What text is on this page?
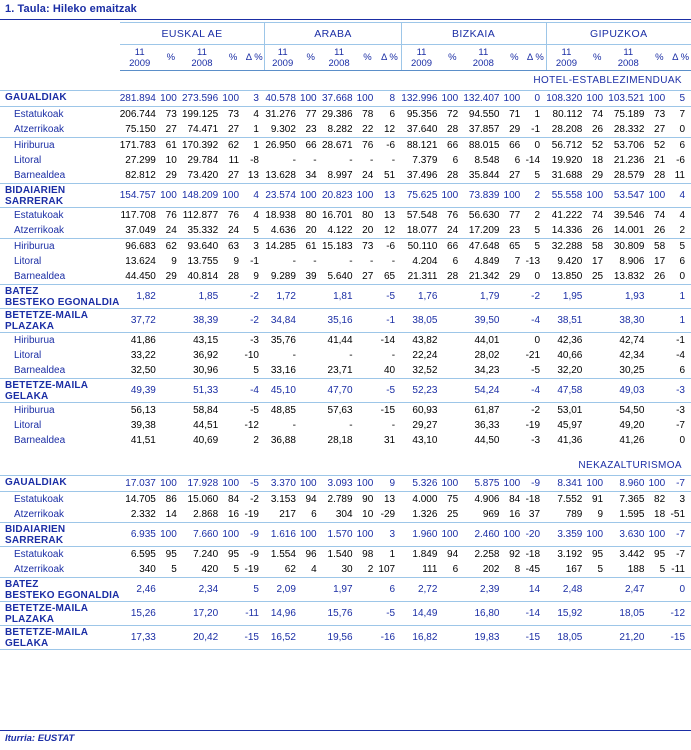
1. Taula: Hileko emaitzak
	EUSKAL AE					ARABA					BIZKAIA					GIPUZKOA				
	11
2009	%	11
2008	%	Δ %	11
2009	%	11
2008	%	Δ %	11
2009	%	11
2008	%	Δ %	11
2009	%	11
2008	%	Δ %
HOTEL-ESTABLEZIMENDUAK																				
GAUALDIAK	281.894	100	273.596	100	3	40.578	100	37.668	100	8	132.996	100	132.407	100	0	108.320	100	103.521	100	5
Estatukoak	206.744	73	199.125	73	4	31.276	77	29.386	78	6	95.356	72	94.550	71	1	80.112	74	75.189	73	7
Atzerrikoak	75.150	27	74.471	27	1	9.302	23	8.282	22	12	37.640	28	37.857	29	-1	28.208	26	28.332	27	0
Hiriburua	171.783	61	170.392	62	1	26.950	66	28.671	76	-6	88.121	66	88.015	66	0	56.712	52	53.706	52	6
Litoral	27.299	10	29.784	11	-8	-	-	-	-	-	7.379	6	8.548	6	-14	19.920	18	21.236	21	-6
Barnealdea	82.812	29	73.420	27	13	13.628	34	8.997	24	51	37.496	28	35.844	27	5	31.688	29	28.579	28	11
BIDAIARIEN
SARRERAK	154.757	100	148.209	100	4	23.574	100	20.823	100	13	75.625	100	73.839	100	2	55.558	100	53.547	100	4
Estatukoak	117.708	76	112.877	76	4	18.938	80	16.701	80	13	57.548	76	56.630	77	2	41.222	74	39.546	74	4
Atzerrikoak	37.049	24	35.332	24	5	4.636	20	4.122	20	12	18.077	24	17.209	23	5	14.336	26	14.001	26	2
Hiriburua	96.683	62	93.640	63	3	14.285	61	15.183	73	-6	50.110	66	47.648	65	5	32.288	58	30.809	58	5
Litoral	13.624	9	13.755	9	-1	-	-	-	-	-	4.204	6	4.849	7	-13	9.420	17	8.906	17	6
Barnealdea	44.450	29	40.814	28	9	9.289	39	5.640	27	65	21.311	28	21.342	29	0	13.850	25	13.832	26	0
BATEZ
BESTEKO EGONALDIA	1,82		1,85		-2	1,72		1,81		-5	1,76		1,79		-2	1,95		1,93		1
BETETZE-MAILA
PLAZAKA	37,72		38,39		-2	34,84		35,16		-1	38,05		39,50		-4	38,51		38,30		1
Hiriburua	41,86		43,15		-3	35,76		41,44		-14	43,82		44,01		0	42,36		42,74		-1
Litoral	33,22		36,92		-10	-		-		-	22,24		28,02		-21	40,66		42,34		-4
Barnealdea	32,50		30,96		5	33,16		23,71		40	32,52		34,23		-5	32,20		30,25		6
BETETZE-MAILA
GELAKA	49,39		51,33		-4	45,10		47,70		-5	52,23		54,24		-4	47,58		49,03		-3
Hiriburua	56,13		58,84		-5	48,85		57,63		-15	60,93		61,87		-2	53,01		54,50		-3
Litoral	39,38		44,51		-12	-		-		-	29,27		36,33		-19	45,97		49,20		-7
Barnealdea	41,51		40,69		2	36,88		28,18		31	43,10		44,50		-3	41,36		41,26		0

NEKAZALTURISMOA																				
GAUALDIAK	17.037	100	17.928	100	-5	3.370	100	3.093	100	9	5.326	100	5.875	100	-9	8.341	100	8.960	100	-7
Estatukoak	14.705	86	15.060	84	-2	3.153	94	2.789	90	13	4.000	75	4.906	84	-18	7.552	91	7.365	82	3
Atzerrikoak	2.332	14	2.868	16	-19	217	6	304	10	-29	1.326	25	969	16	37	789	9	1.595	18	-51
BIDAIARIEN
SARRERAK	6.935	100	7.660	100	-9	1.616	100	1.570	100	3	1.960	100	2.460	100	-20	3.359	100	3.630	100	-7
Estatukoak	6.595	95	7.240	95	-9	1.554	96	1.540	98	1	1.849	94	2.258	92	-18	3.192	95	3.442	95	-7
Atzerrikoak	340	5	420	5	-19	62	4	30	2	107	111	6	202	8	-45	167	5	188	5	-11
BATEZ
BESTEKO EGONALDIA	2,46		2,34		5	2,09		1,97		6	2,72		2,39		14	2,48		2,47		0
BETETZE-MAILA
PLAZAKA	15,26		17,20		-11	14,96		15,76		-5	14,49		16,80		-14	15,92		18,05		-12
BETETZE-MAILA
GELAKA	17,33		20,42		-15	16,52		19,56		-16	16,82		19,83		-15	18,05		21,20		-15

Iturria: EUSTAT
